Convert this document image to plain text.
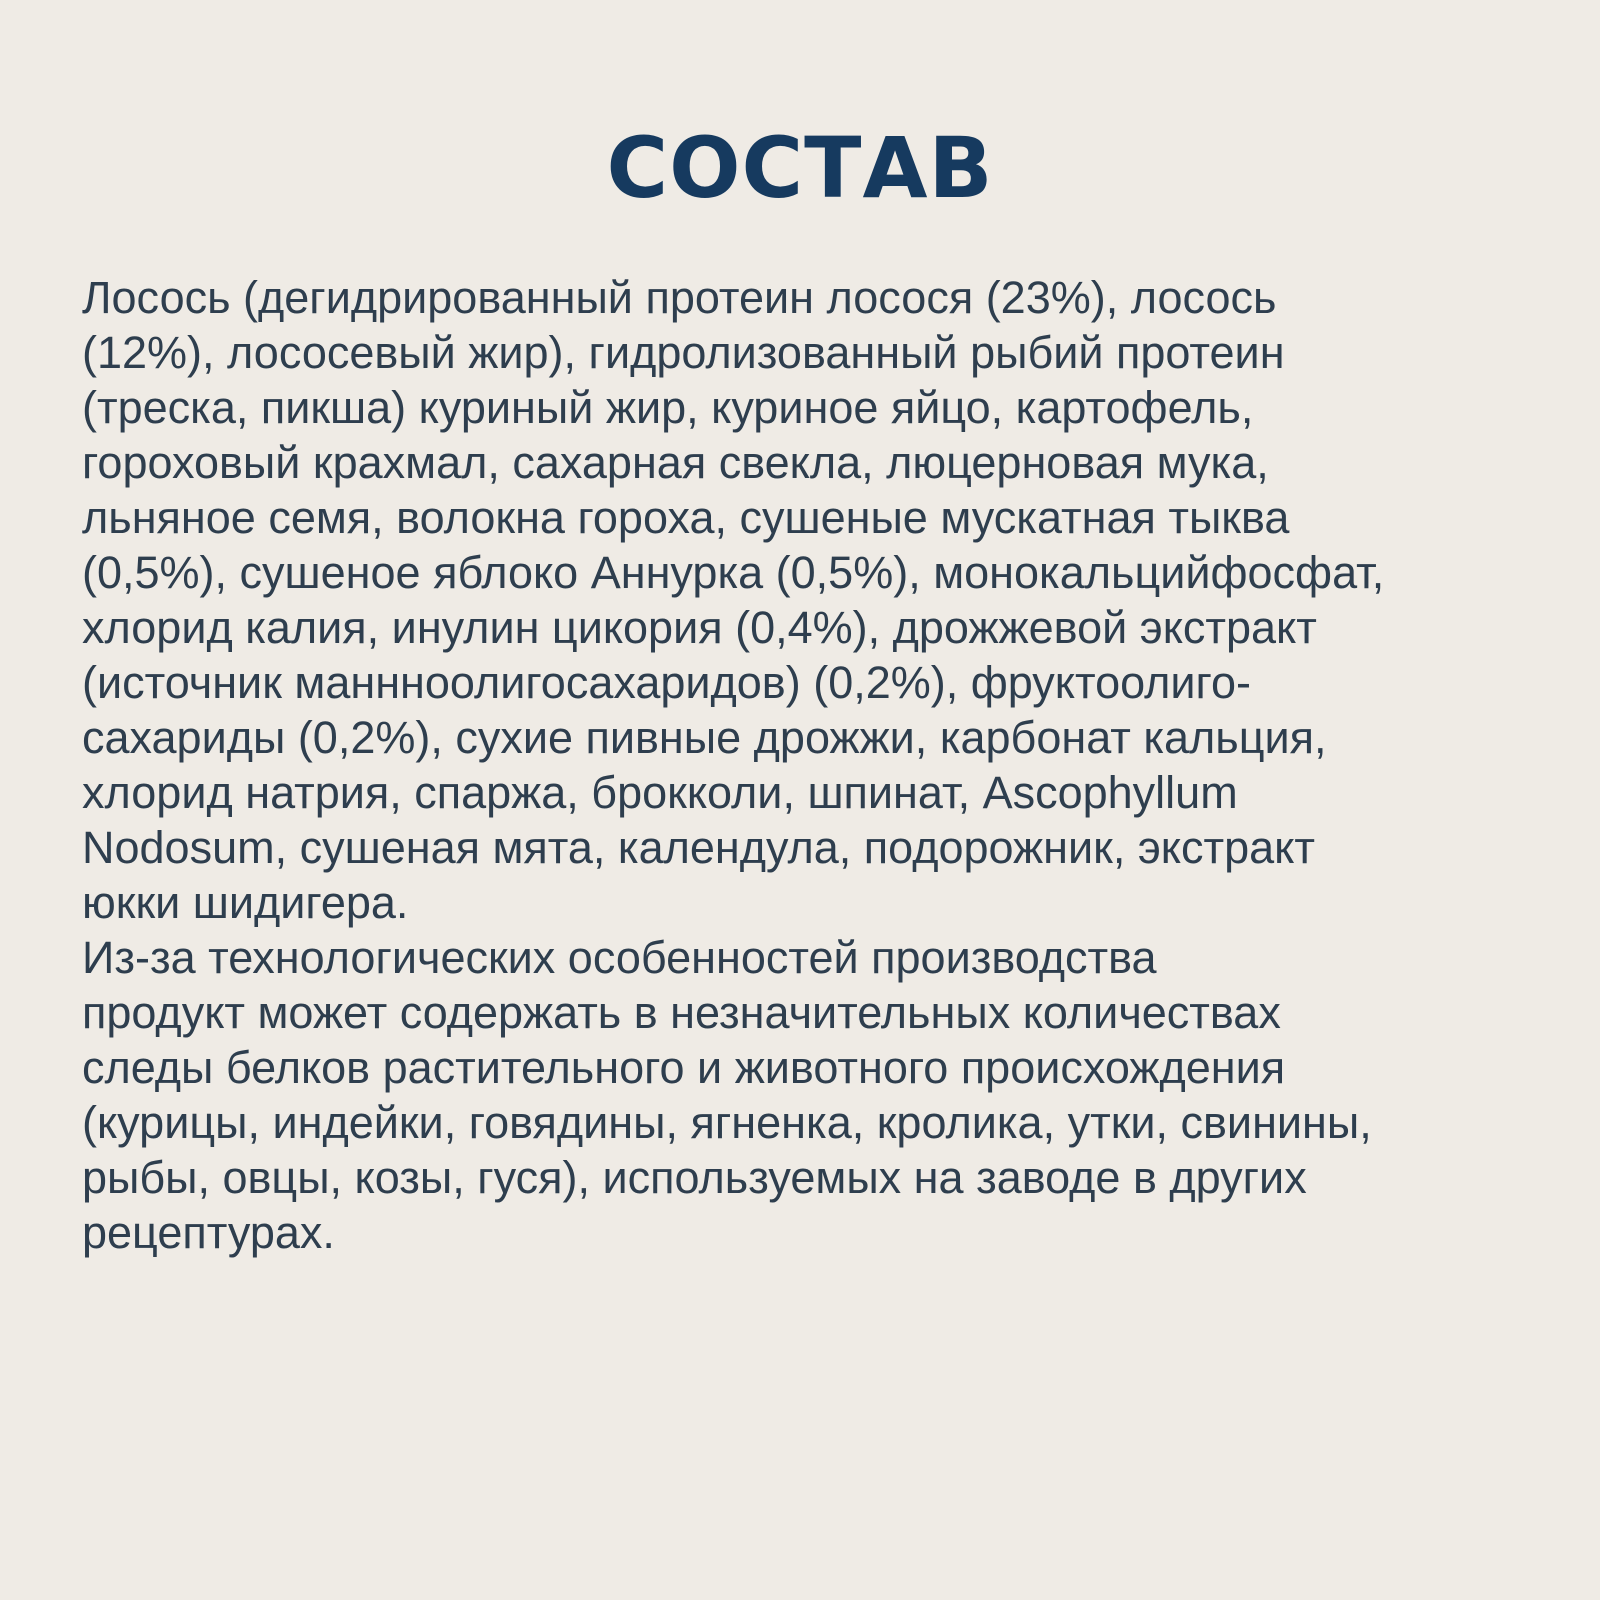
СОСТАВ
Лосось (дегидрированный протеин лосося (23%), лосось
(12%), лососевый жир), гидролизованный рыбий протеин
(треска, пикша) куриный жир, куриное яйцо, картофель,
гороховый крахмал, сахарная свекла, люцерновая мука,
льняное семя, волокна гороха, сушеные мускатная тыква
(0,5%), сушеное яблоко Аннурка (0,5%), монокальцийфосфат,
хлорид калия, инулин цикория (0,4%), дрожжевой экстракт
(источник маннноолигосахаридов) (0,2%), фруктоолиго-
сахариды (0,2%), сухие пивные дрожжи, карбонат кальция,
хлорид натрия, спаржа, брокколи, шпинат, Ascophyllum
Nodosum, сушеная мята, календула, подорожник, экстракт
юкки шидигера.
Из-за технологических особенностей производства
продукт может содержать в незначительных количествах
следы белков растительного и животного происхождения
(курицы, индейки, говядины, ягненка, кролика, утки, свинины,
рыбы, овцы, козы, гуся), используемых на заводе в других
рецептурах.
